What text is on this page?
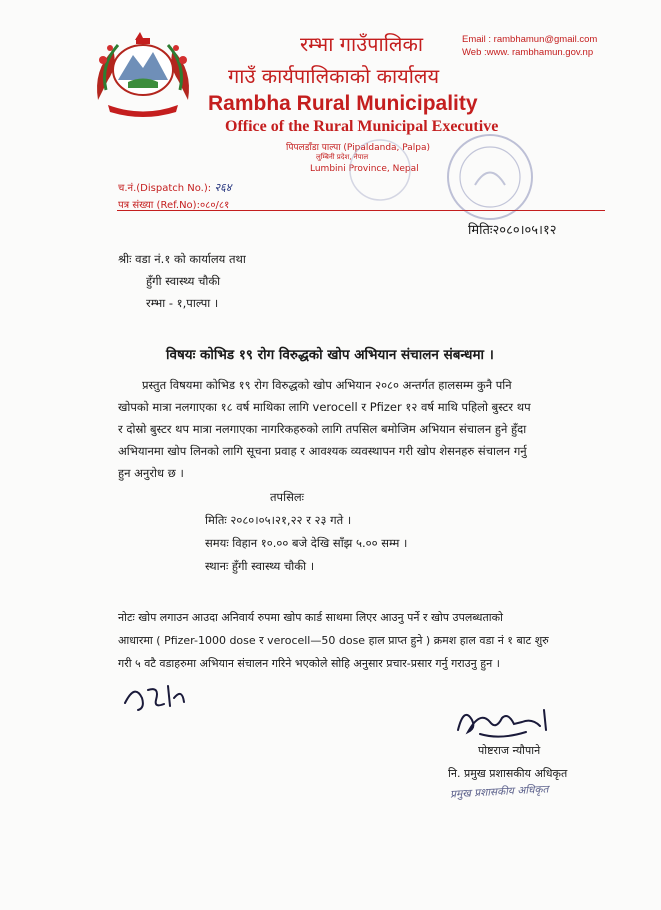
रम्भा गाउँपालिका
गाउँ कार्यपालिकाको कार्यालय
Rambha Rural Municipality
Office of the Rural Municipal Executive
पिपलडाँडा पाल्पा (Pipaldanda, Palpa)
लुम्बिनी प्रदेश, नेपाल
Lumbini Province, Nepal
Email : rambhamun@gmail.com
Web :www. rambhamun.gov.np
च.नं.(Dispatch No.): २६४
पत्र संख्या (Ref.No):०८०/८१
मितिः२०८०।०५।१२
श्रीः वडा नं.१ को कार्यालय तथा
हुँगी स्वास्थ्य चौकी
रम्भा - १,पाल्पा ।
विषयः कोभिड १९ रोग विरुद्धको खोप अभियान संचालन संबन्धमा ।
प्रस्तुत विषयमा कोभिड १९ रोग विरुद्धको खोप अभियान २०८० अन्तर्गत हालसम्म कुनै पनि
खोपको मात्रा नलगाएका १८ वर्ष माथिका लागि verocell र Pfizer १२ वर्ष माथि पहिलो बुस्टर थप
र दोस्रो बुस्टर थप मात्रा नलगाएका नागरिकहरुको लागि तपसिल बमोजिम अभियान संचालन हुने हुँदा
अभियानमा खोप लिनको लागि सूचना प्रवाह र आवश्यक व्यवस्थापन गरी खोप शेसनहरु संचालन गर्नु
हुन अनुरोध छ ।
तपसिलः
मितिः २०८०।०५।२१,२२ र २३ गते ।
समयः विहान १०.०० बजे देखि साँझ ५.०० सम्म ।
स्थानः हुँगी स्वास्थ्य चौकी ।
नोटः खोप लगाउन आउदा अनिवार्य रुपमा खोप कार्ड साथमा लिएर आउनु पर्ने र खोप उपलब्धताको
आधारमा ( Pfizer-1000 dose र verocell—50 dose हाल प्राप्त हुने ) क्रमश हाल वडा नं १ बाट शुरु
गरी ५ वटै वडाहरुमा अभियान संचालन गरिने भएकोले सोहि अनुसार प्रचार-प्रसार गर्नु गराउनु हुन ।
पोष्टराज न्यौपाने
नि. प्रमुख प्रशासकीय अधिकृत
प्रमुख प्रशासकीय अधिकृत
